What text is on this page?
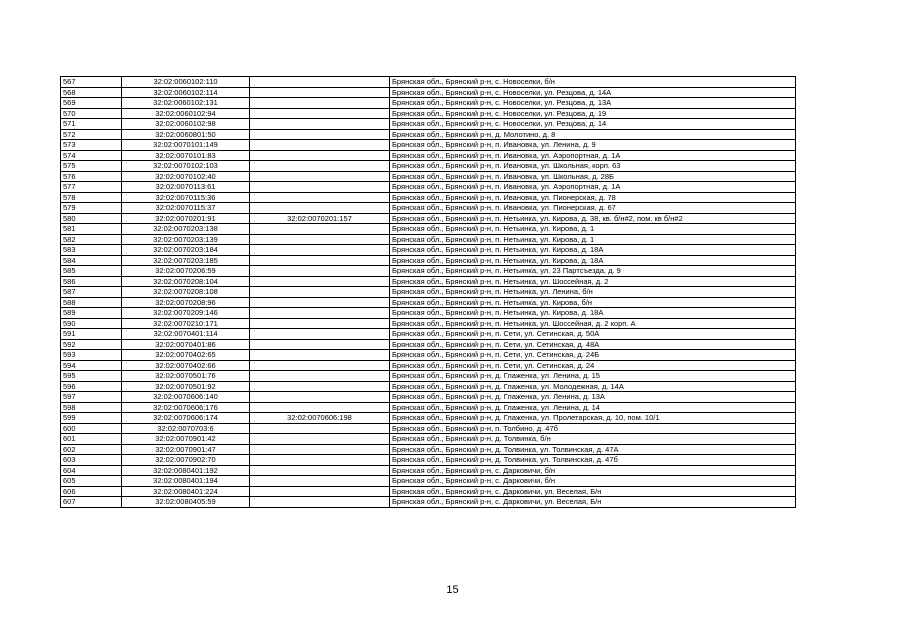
567	32:02:0060102:110		Брянская обл., Брянский р-н, с. Новоселки, б/н
568	32:02:0060102:114		Брянская обл., Брянский р-н, с. Новоселки, ул. Резцова, д. 14А
569	32:02:0060102:131		Брянская обл., Брянский р-н, с. Новоселки, ул. Резцова, д. 13А
570	32:02:0060102:94		Брянская обл., Брянский р-н, с. Новоселки, ул. Резцова, д. 19
571	32:02:0060102:98		Брянская обл., Брянский р-н, с. Новоселки, ул. Резцова, д. 14
572	32:02:0060801:50		Брянская обл., Брянский р-н, д. Молотино, д. 8
573	32:02:0070101:149		Брянская обл., Брянский р-н, п. Ивановка, ул. Ленина, д. 9
574	32:02:0070101:83		Брянская обл., Брянский р-н, п. Ивановка, ул. Аэропортная, д. 1А
575	32:02:0070102:103		Брянская обл., Брянский р-н, п. Ивановка, ул. Школьная, корп. 63
576	32:02:0070102:40		Брянская обл., Брянский р-н, п. Ивановка, ул. Школьная, д. 28Б
577	32:02:0070113:61		Брянская обл., Брянский р-н, п. Ивановка, ул. Аэропортная, д. 1А
578	32:02:0070115:36		Брянская обл., Брянский р-н, п. Ивановка, ул. Пионерская, д. 78
579	32:02:0070115:37		Брянская обл., Брянский р-н, п. Ивановка, ул. Пионерская, д. 67
580	32:02:0070201:91	32:02:0070201:157	Брянская обл., Брянский р-н, п. Нетьинка, ул. Кирова, д. 38, кв. б/н#2, пом. кв б/н#2
581	32:02:0070203:138		Брянская обл., Брянский р-н, п. Нетьинка, ул. Кирова, д. 1
582	32:02:0070203:139		Брянская обл., Брянский р-н, п. Нетьинка, ул. Кирова, д. 1
583	32:02:0070203:184		Брянская обл., Брянский р-н, п. Нетьинка, ул. Кирова, д. 18А
584	32:02:0070203:185		Брянская обл., Брянский р-н, п. Нетьинка, ул. Кирова, д. 18А
585	32:02:0070206:59		Брянская обл., Брянский р-н, п. Нетьинка, ул. 23 Партсъезда, д. 9
586	32:02:0070208:104		Брянская обл., Брянский р-н, п. Нетьинка, ул. Шоссейная, д. 2
587	32:02:0070208:108		Брянская обл., Брянский р-н, п. Нетьинка, ул. Ленина, б/н
588	32:02:0070208:96		Брянская обл., Брянский р-н, п. Нетьинка, ул. Кирова, б/н
589	32:02:0070209:146		Брянская обл., Брянский р-н, п. Нетьинка, ул. Кирова, д. 18А
590	32:02:0070210:171		Брянская обл., Брянский р-н, п. Нетьинка, ул. Шоссейная, д. 2 корп. А
591	32:02:0070401:114		Брянская обл., Брянский р-н, п. Сети, ул. Сетинская, д. 50А
592	32:02:0070401:86		Брянская обл., Брянский р-н, п. Сети, ул. Сетинская, д. 48А
593	32:02:0070402:65		Брянская обл., Брянский р-н, п. Сети, ул. Сетинская, д. 24Б
594	32:02:0070402:66		Брянская обл., Брянский р-н, п. Сети, ул. Сетинская, д. 24
595	32:02:0070501:76		Брянская обл., Брянский р-н, д. Глаженка, ул. Ленина, д. 15
596	32:02:0070501:92		Брянская обл., Брянский р-н, д. Глаженка, ул. Молодежная, д. 14А
597	32:02:0070606:140		Брянская обл., Брянский р-н, д. Глаженка, ул. Ленина, д. 13А
598	32:02:0070606:176		Брянская обл., Брянский р-н, д. Глаженка, ул. Ленина, д. 14
599	32:02:0070606:174	32:02:0070606:198	Брянская обл., Брянский р-н, д. Глаженка, ул. Пролетарская, д. 10, пом. 10/1
600	32:02:0070703:6		Брянская обл., Брянский р-н, п. Толбино, д. 47б
601	32:02:0070901:42		Брянская обл., Брянский р-н, д. Толвинка, б/н
602	32:02:0070901:47		Брянская обл., Брянский р-н, д. Толвинка, ул. Толвинская, д. 47А
603	32:02:0070902:70		Брянская обл., Брянский р-н, д. Толвинка, ул. Толвинская, д. 47б
604	32:02:0080401:192		Брянская обл., Брянский р-н, с. Дарковичи, б/н
605	32:02:0080401:194		Брянская обл., Брянский р-н, с. Дарковичи, б/н
606	32:02:0080401:224		Брянская обл., Брянский р-н, с. Дарковичи, ул. Веселая, Б/н
607	32:02:0080405:59		Брянская обл., Брянский р-н, с. Дарковичи, ул. Веселая, Б/н
15
